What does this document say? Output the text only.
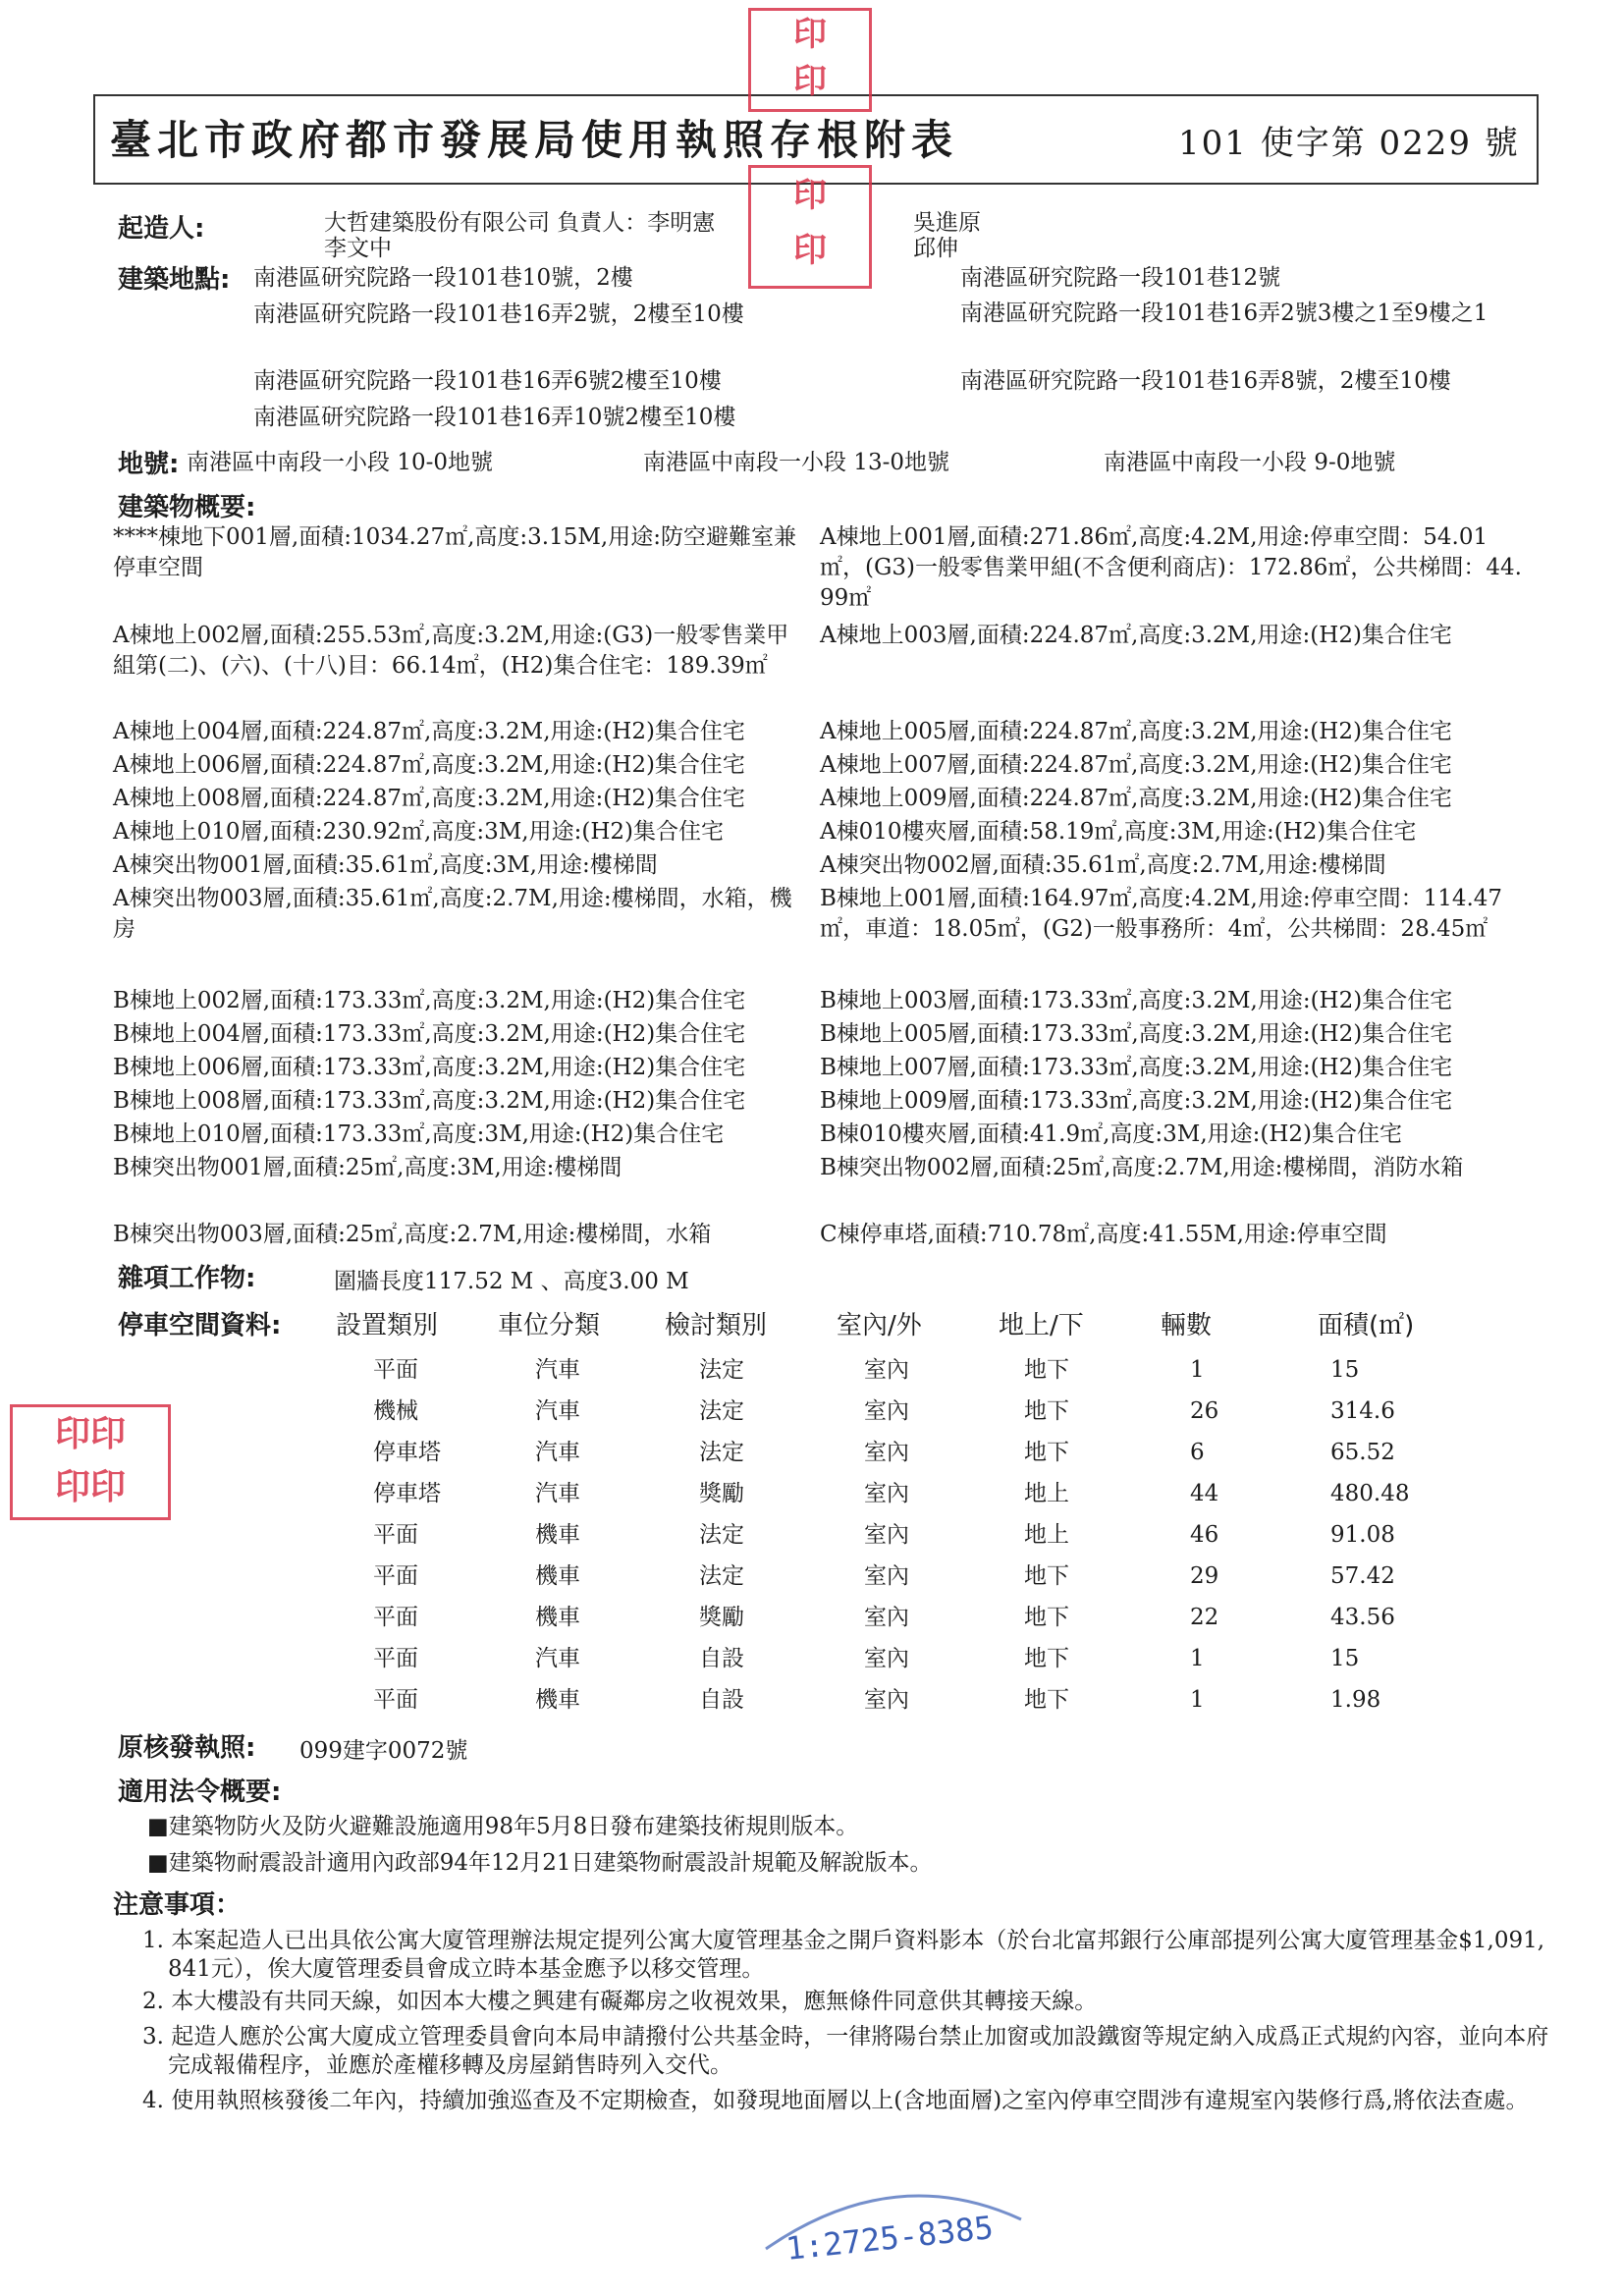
臺北市政府都市發展局使用執照存根附表	101 使字第 0229 號
起造人:	大哲建築股份有限公司 負責人：李明憲
李文中
吳進原
邱伸
建築地點: 南港區研究院路一段101巷10號，2樓
南港區研究院路一段101巷16弄2號，2樓至10樓
南港區研究院路一段101巷16弄6號2樓至10樓
南港區研究院路一段101巷16弄10號2樓至10樓
南港區研究院路一段101巷12號
南港區研究院路一段101巷16弄2號3樓之1至9樓之1
南港區研究院路一段101巷16弄8號，2樓至10樓
地號: 南港區中南段一小段 10-0地號	南港區中南段一小段 13-0地號	南港區中南段一小段 9-0地號
建築物概要:
****棟地下001層,面積:1034.27㎡,高度:3.15M,用途:防空避難室兼停車空間
A棟地上001層,面積:271.86㎡,高度:4.2M,用途:停車空間：54.01㎡，(G3)一般零售業甲組(不含便利商店)：172.86㎡，公共梯間：44.99㎡
A棟地上002層,面積:255.53㎡,高度:3.2M,用途:(G3)一般零售業甲組第(二)、(六)、(十八)目：66.14㎡，(H2)集合住宅：189.39㎡
A棟地上003層,面積:224.87㎡,高度:3.2M,用途:(H2)集合住宅
A棟地上004層,面積:224.87㎡,高度:3.2M,用途:(H2)集合住宅	A棟地上005層,面積:224.87㎡,高度:3.2M,用途:(H2)集合住宅
A棟地上006層,面積:224.87㎡,高度:3.2M,用途:(H2)集合住宅	A棟地上007層,面積:224.87㎡,高度:3.2M,用途:(H2)集合住宅
A棟地上008層,面積:224.87㎡,高度:3.2M,用途:(H2)集合住宅	A棟地上009層,面積:224.87㎡,高度:3.2M,用途:(H2)集合住宅
A棟地上010層,面積:230.92㎡,高度:3M,用途:(H2)集合住宅	A棟010樓夾層,面積:58.19㎡,高度:3M,用途:(H2)集合住宅
A棟突出物001層,面積:35.61㎡,高度:3M,用途:樓梯間	A棟突出物002層,面積:35.61㎡,高度:2.7M,用途:樓梯間
A棟突出物003層,面積:35.61㎡,高度:2.7M,用途:樓梯間，水箱，機房
B棟地上001層,面積:164.97㎡,高度:4.2M,用途:停車空間：114.47㎡，車道：18.05㎡，(G2)一般事務所：4㎡，公共梯間：28.45㎡
B棟地上002層,面積:173.33㎡,高度:3.2M,用途:(H2)集合住宅	B棟地上003層,面積:173.33㎡,高度:3.2M,用途:(H2)集合住宅
B棟地上004層,面積:173.33㎡,高度:3.2M,用途:(H2)集合住宅	B棟地上005層,面積:173.33㎡,高度:3.2M,用途:(H2)集合住宅
B棟地上006層,面積:173.33㎡,高度:3.2M,用途:(H2)集合住宅	B棟地上007層,面積:173.33㎡,高度:3.2M,用途:(H2)集合住宅
B棟地上008層,面積:173.33㎡,高度:3.2M,用途:(H2)集合住宅	B棟地上009層,面積:173.33㎡,高度:3.2M,用途:(H2)集合住宅
B棟地上010層,面積:173.33㎡,高度:3M,用途:(H2)集合住宅	B棟010樓夾層,面積:41.9㎡,高度:3M,用途:(H2)集合住宅
B棟突出物001層,面積:25㎡,高度:3M,用途:樓梯間	B棟突出物002層,面積:25㎡,高度:2.7M,用途:樓梯間，消防水箱
B棟突出物003層,面積:25㎡,高度:2.7M,用途:樓梯間，水箱	C棟停車塔,面積:710.78㎡,高度:41.55M,用途:停車空間
雜項工作物:	圍牆長度117.52 M 、高度3.00 M
停車空間資料: 設置類別 車位分類	檢討類別	室內/外	地上/下	輛數	面積(㎡)
平面	汽車	法定	室內	地下	1	15
機械	汽車	法定	室內	地下	26	314.6
停車塔	汽車	法定	室內	地下	6	65.52
停車塔	汽車	獎勵	室內	地上	44	480.48
平面	機車	法定	室內	地上	46	91.08
平面	機車	法定	室內	地下	29	57.42
平面	機車	獎勵	室內	地下	22	43.56
平面	汽車	自設	室內	地下	1	15
平面	機車	自設	室內	地下	1	1.98
原核發執照: 099建字0072號
適用法令概要:
■建築物防火及防火避難設施適用98年5月8日發布建築技術規則版本。
■建築物耐震設計適用內政部94年12月21日建築物耐震設計規範及解說版本。
注意事項：
1. 本案起造人已出具依公寓大廈管理辦法規定提列公寓大廈管理基金之開戶資料影本（於台北富邦銀行公庫部提列公寓大廈管理基金$1,091,841元），俟大廈管理委員會成立時本基金應予以移交管理。
2. 本大樓設有共同天線，如因本大樓之興建有礙鄰房之收視效果，應無條件同意供其轉接天線。
3. 起造人應於公寓大廈成立管理委員會向本局申請撥付公共基金時，一律將陽台禁止加窗或加設鐵窗等規定納入成爲正式規約內容，並向本府完成報備程序，並應於產權移轉及房屋銷售時列入交代。
4. 使用執照核發後二年內，持續加強巡查及不定期檢查，如發現地面層以上(含地面層)之室內停車空間涉有違規室內裝修行爲,將依法查處。
印
印
印
印
印印
印印
1:2725-8385
